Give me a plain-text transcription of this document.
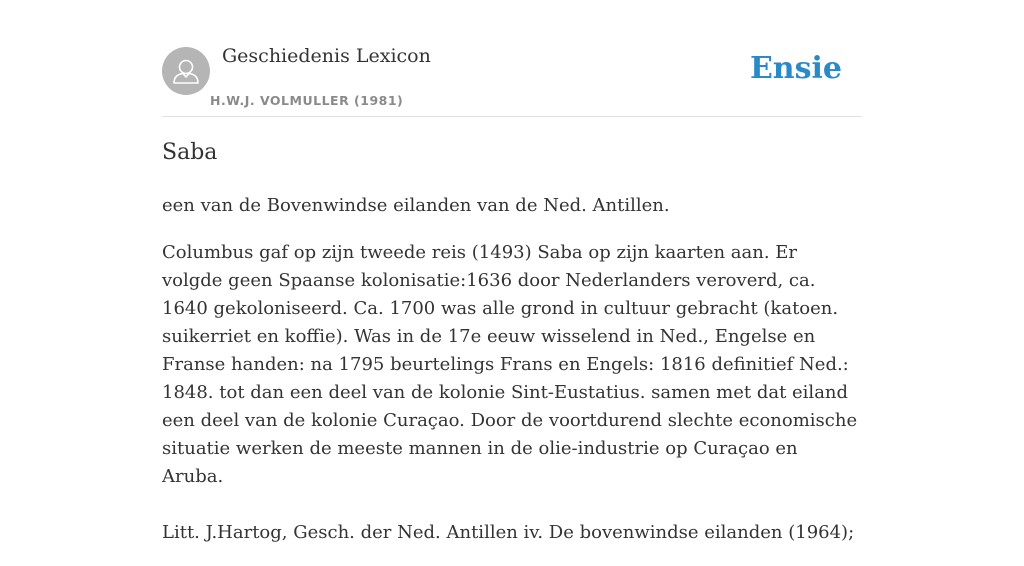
Geschiedenis Lexicon
H.W.J. VOLMULLER (1981)
Ensie
Saba

een van de Bovenwindse eilanden van de Ned. Antillen.

Columbus gaf op zijn tweede reis (1493) Saba op zijn kaarten aan. Er volgde geen Spaanse kolonisatie:1636 door Nederlanders veroverd, ca. 1640 gekoloniseerd. Ca. 1700 was alle grond in cultuur gebracht (katoen. suikerriet en koffie). Was in de 17e eeuw wisselend in Ned., Engelse en Franse handen: na 1795 beurtelings Frans en Engels: 1816 definitief Ned.: 1848. tot dan een deel van de kolonie Sint-Eustatius. samen met dat eiland een deel van de kolonie Curaçao. Door de voortdurend slechte economische situatie werken de meeste mannen in de olie-industrie op Curaçao en Aruba.

Litt. J.Hartog, Gesch. der Ned. Antillen iv. De bovenwindse eilanden (1964);
